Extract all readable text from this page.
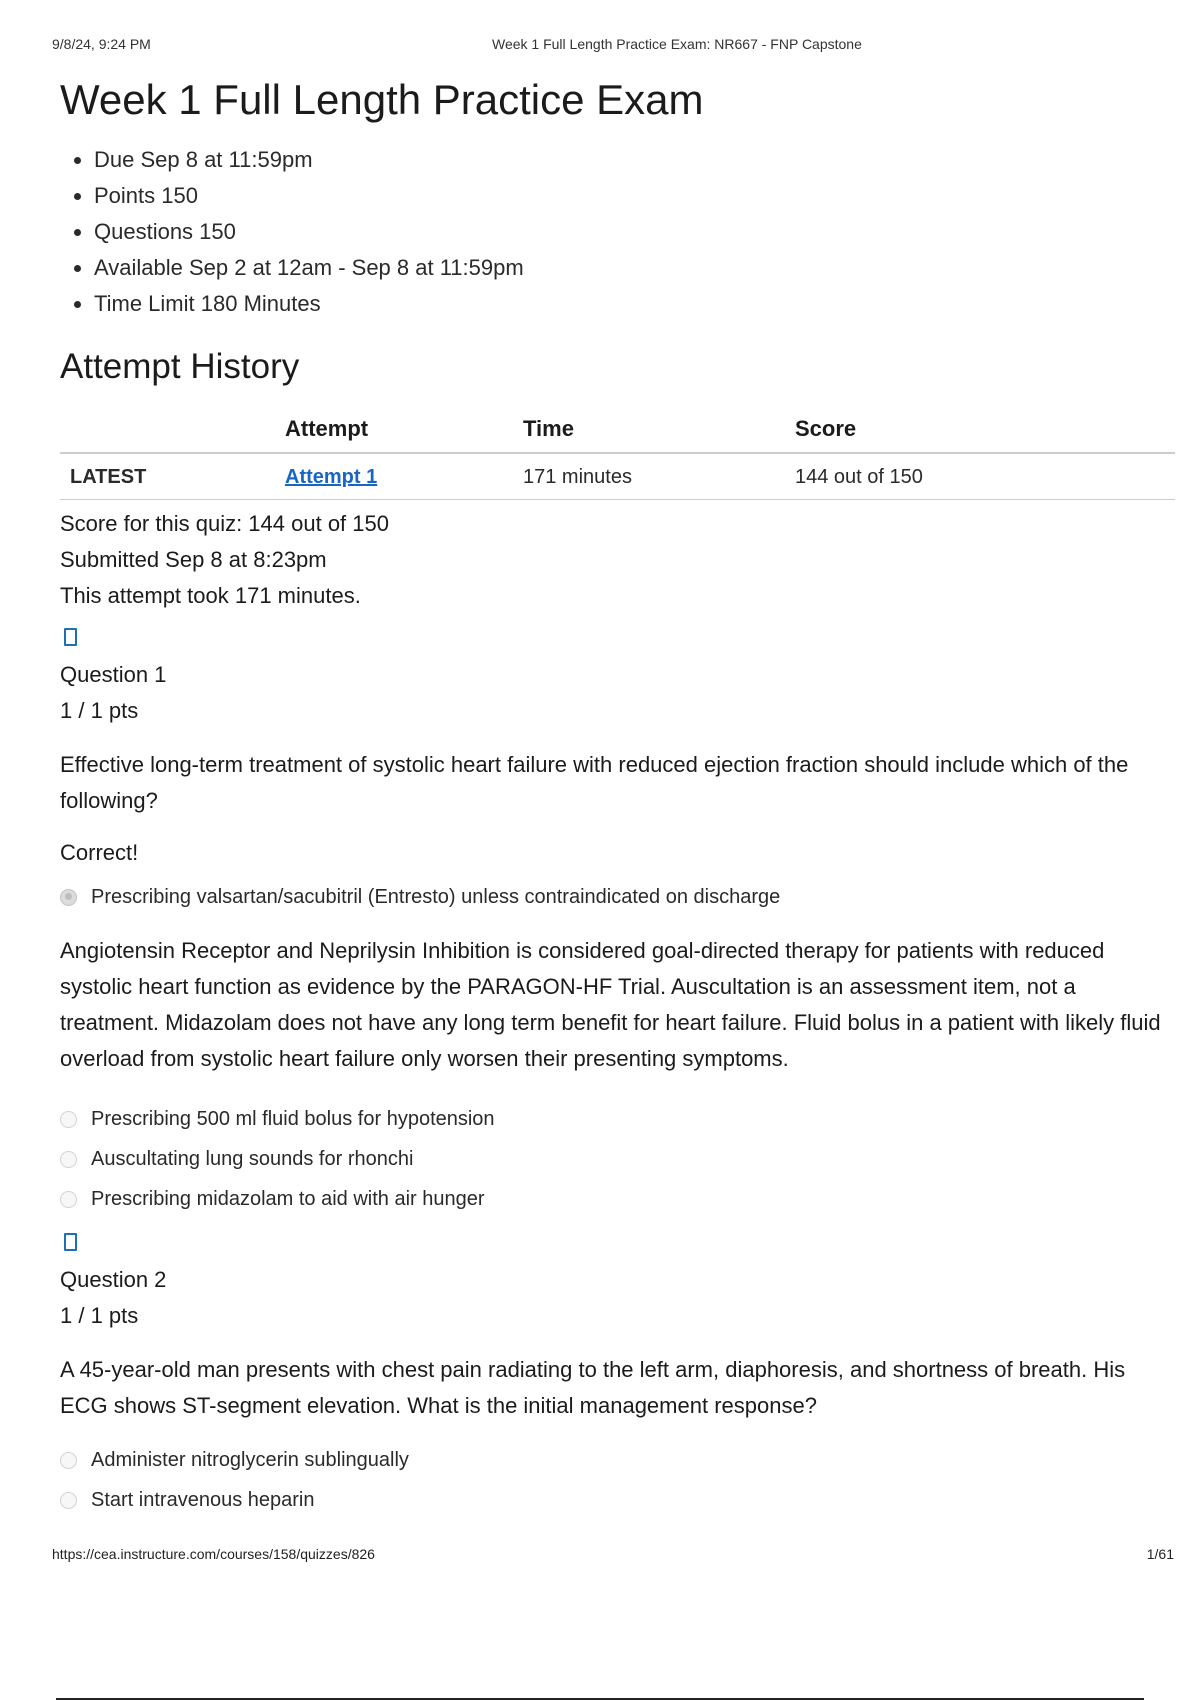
9/8/24, 9:24 PM	Week 1 Full Length Practice Exam: NR667 - FNP Capstone
Week 1 Full Length Practice Exam
• Due Sep 8 at 11:59pm
• Points 150
• Questions 150
• Available Sep 2 at 12am - Sep 8 at 11:59pm
• Time Limit 180 Minutes
Attempt History
	Attempt	Time	Score
LATEST	Attempt 1	171 minutes	144 out of 150
Score for this quiz: 144 out of 150
Submitted Sep 8 at 8:23pm
This attempt took 171 minutes.
Question 1
1 / 1 pts
Effective long-term treatment of systolic heart failure with reduced ejection fraction should include which of the following?
Correct!
Prescribing valsartan/sacubitril (Entresto) unless contraindicated on discharge
Angiotensin Receptor and Neprilysin Inhibition is considered goal-directed therapy for patients with reduced systolic heart function as evidence by the PARAGON-HF Trial. Auscultation is an assessment item, not a treatment. Midazolam does not have any long term benefit for heart failure. Fluid bolus in a patient with likely fluid overload from systolic heart failure only worsen their presenting symptoms.
Prescribing 500 ml fluid bolus for hypotension
Auscultating lung sounds for rhonchi
Prescribing midazolam to aid with air hunger
Question 2
1 / 1 pts
A 45-year-old man presents with chest pain radiating to the left arm, diaphoresis, and shortness of breath. His ECG shows ST-segment elevation. What is the initial management response?
Administer nitroglycerin sublingually
Start intravenous heparin
https://cea.instructure.com/courses/158/quizzes/826	1/61
